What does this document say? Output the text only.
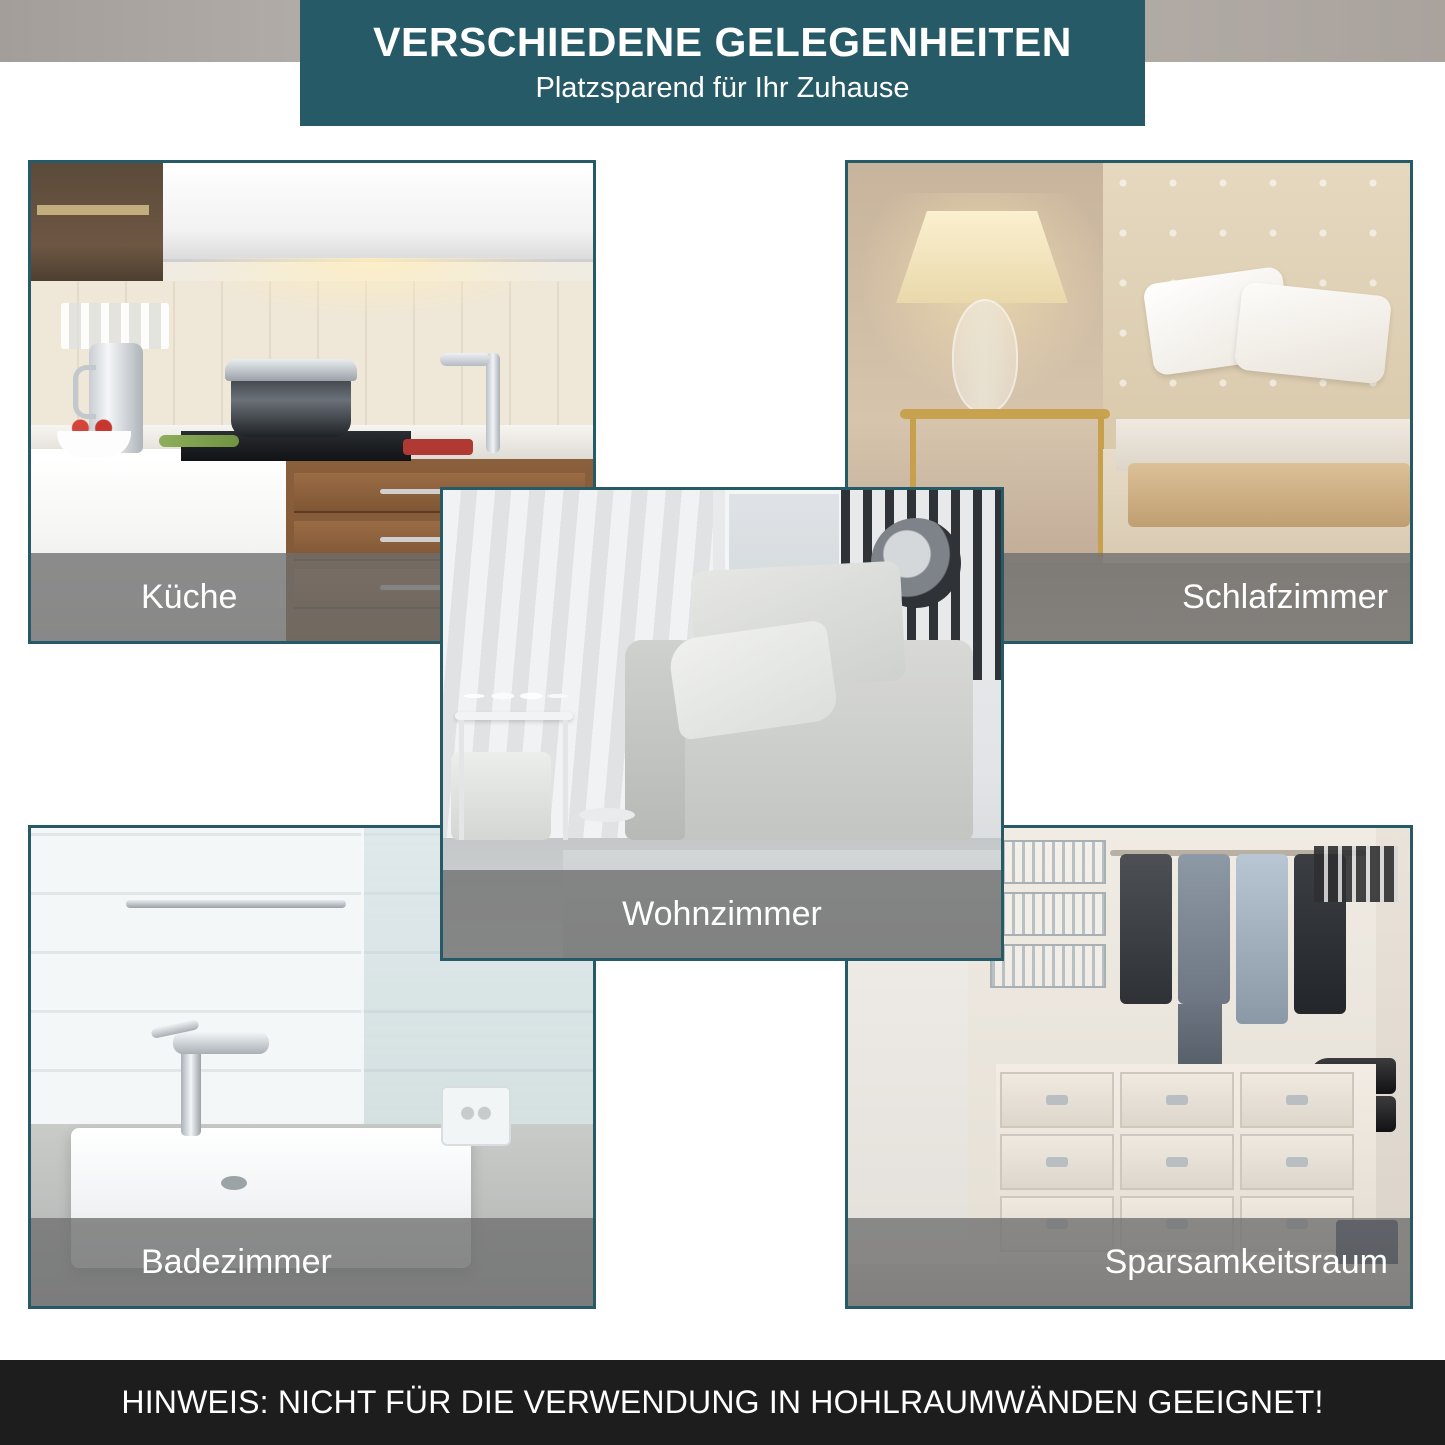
VERSCHIEDENE GELEGENHEITEN
Platzsparend für Ihr Zuhause
Küche	Schlafzimmer
Badezimmer	Sparsamkeitsraum
Wohnzimmer
HINWEIS: NICHT FÜR DIE VERWENDUNG IN HOHLRAUMWÄNDEN GEEIGNET!
